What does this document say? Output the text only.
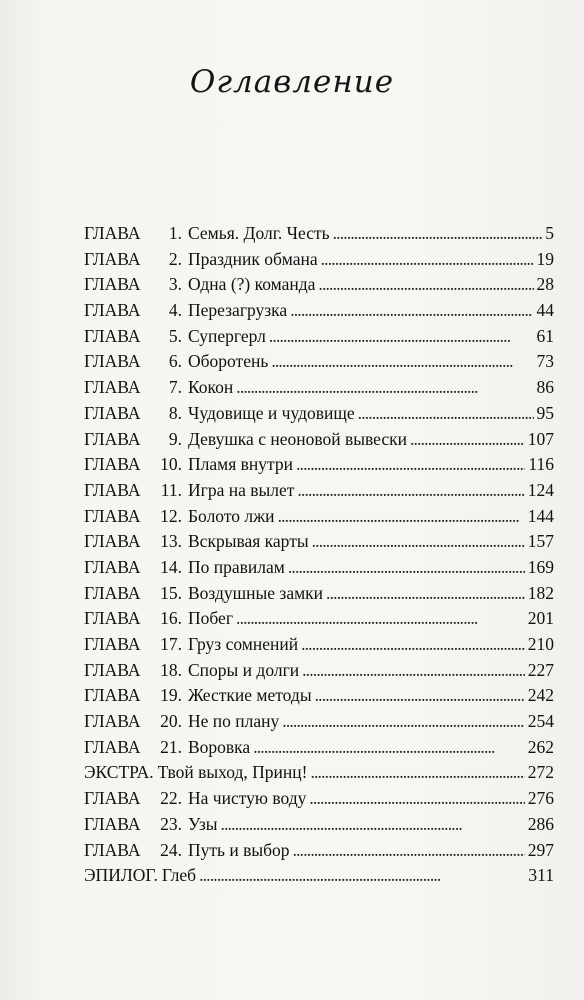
Оглавление
ГЛАВА	1. Семья. Долг. Честь . . .	5
ГЛАВА	2. Праздник обмана . . .	19
ГЛАВА	3. Одна (?) команда . . .	28
ГЛАВА	4. Перезагрузка . . .	44
ГЛАВА	5. Супергерл . . .	61
ГЛАВА	6. Оборотень . . .	73
ГЛАВА	7. Кокон . . .	86
ГЛАВА	8. Чудовище и чудовище . . .	95
ГЛАВА	9. Девушка с неоновой вывески . . .	107
ГЛАВА	10. Пламя внутри . . .	116
ГЛАВА	11. Игра на вылет . . .	124
ГЛАВА	12. Болото лжи . . .	144
ГЛАВА	13. Вскрывая карты . . .	157
ГЛАВА	14. По правилам . . .	169
ГЛАВА	15. Воздушные замки . . .	182
ГЛАВА	16. Побег . . .	201
ГЛАВА	17. Груз сомнений . . .	210
ГЛАВА	18. Споры и долги . . .	227
ГЛАВА	19. Жесткие методы . . .	242
ГЛАВА	20. Не по плану . . .	254
ГЛАВА	21. Воровка . . .	262
ЭКСТРА. Твой выход, Принц! . . .	272
ГЛАВА	22. На чистую воду . . .	276
ГЛАВА	23. Узы . . .	286
ГЛАВА	24. Путь и выбор . . .	297
ЭПИЛОГ. Глеб . . .	311
